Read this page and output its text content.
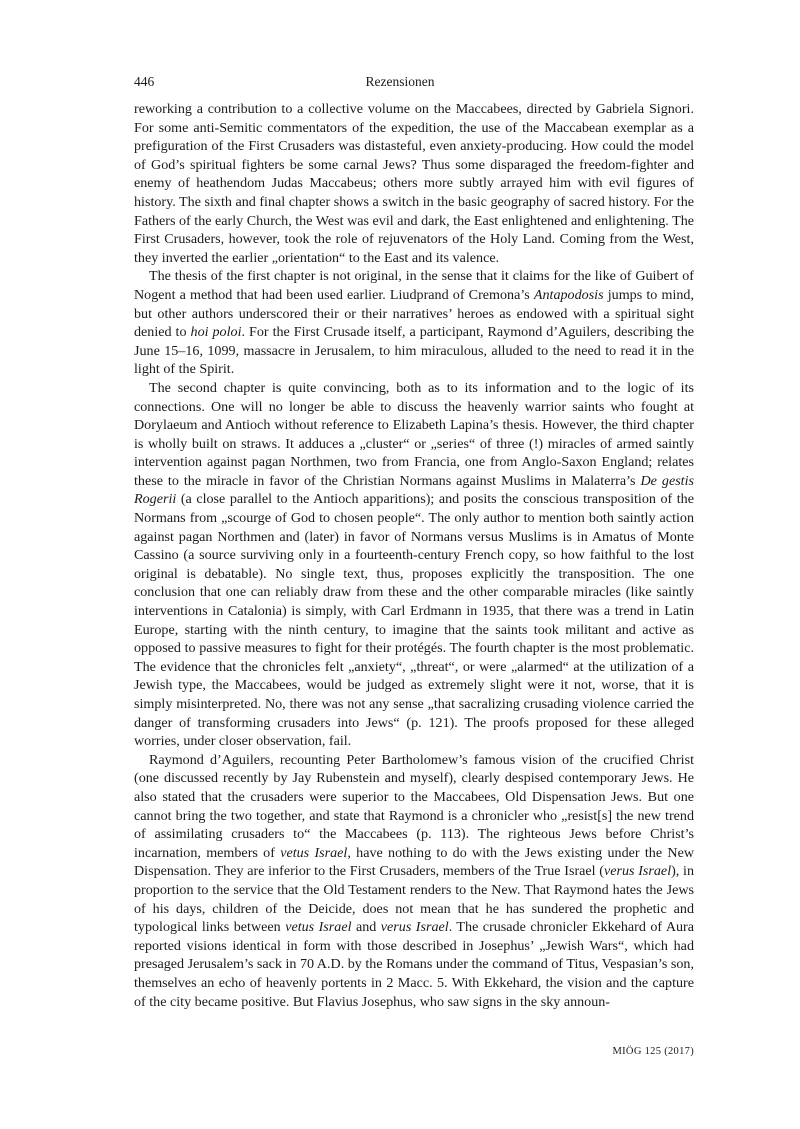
446	Rezensionen

reworking a contribution to a collective volume on the Maccabees, directed by Gabriela Signori. For some anti-Semitic commentators of the expedition, the use of the Maccabean exemplar as a prefiguration of the First Crusaders was distasteful, even anxiety-producing. How could the model of God’s spiritual fighters be some carnal Jews? Thus some disparaged the freedom-fighter and enemy of heathendom Judas Maccabeus; others more subtly arrayed him with evil figures of history. The sixth and final chapter shows a switch in the basic geography of sacred history. For the Fathers of the early Church, the West was evil and dark, the East enlightened and enlightening. The First Crusaders, however, took the role of rejuvenators of the Holy Land. Coming from the West, they inverted the earlier „orientation“ to the East and its valence.

The thesis of the first chapter is not original, in the sense that it claims for the like of Guibert of Nogent a method that had been used earlier. Liudprand of Cremona’s Antapodosis jumps to mind, but other authors underscored their or their narratives’ heroes as endowed with a spiritual sight denied to hoi poloi. For the First Crusade itself, a participant, Raymond d’Aguilers, describing the June 15–16, 1099, massacre in Jerusalem, to him miraculous, alluded to the need to read it in the light of the Spirit.

The second chapter is quite convincing, both as to its information and to the logic of its connections. One will no longer be able to discuss the heavenly warrior saints who fought at Dorylaeum and Antioch without reference to Elizabeth Lapina’s thesis. However, the third chapter is wholly built on straws. It adduces a „cluster“ or „series“ of three (!) miracles of armed saintly intervention against pagan Northmen, two from Francia, one from Anglo-Saxon England; relates these to the miracle in favor of the Christian Normans against Muslims in Malaterra’s De gestis Rogerii (a close parallel to the Antioch apparitions); and posits the conscious transposition of the Normans from „scourge of God to chosen people“. The only author to mention both saintly action against pagan Northmen and (later) in favor of Normans versus Muslims is in Amatus of Monte Cassino (a source surviving only in a fourteenth-century French copy, so how faithful to the lost original is debatable). No single text, thus, proposes explicitly the transposition. The one conclusion that one can reliably draw from these and the other comparable miracles (like saintly interventions in Catalonia) is simply, with Carl Erdmann in 1935, that there was a trend in Latin Europe, starting with the ninth century, to imagine that the saints took militant and active as opposed to passive measures to fight for their protégés. The fourth chapter is the most problematic. The evidence that the chronicles felt „anxiety“, „threat“, or were „alarmed“ at the utilization of a Jewish type, the Maccabees, would be judged as extremely slight were it not, worse, that it is simply misinterpreted. No, there was not any sense „that sacralizing crusading violence carried the danger of transforming crusaders into Jews“ (p. 121). The proofs proposed for these alleged worries, under closer observation, fail.

Raymond d’Aguilers, recounting Peter Bartholomew’s famous vision of the crucified Christ (one discussed recently by Jay Rubenstein and myself), clearly despised contemporary Jews. He also stated that the crusaders were superior to the Maccabees, Old Dispensation Jews. But one cannot bring the two together, and state that Raymond is a chronicler who „resist[s] the new trend of assimilating crusaders to“ the Maccabees (p. 113). The righteous Jews before Christ’s incarnation, members of vetus Israel, have nothing to do with the Jews existing under the New Dispensation. They are inferior to the First Crusaders, members of the True Israel (verus Israel), in proportion to the service that the Old Testament renders to the New. That Raymond hates the Jews of his days, children of the Deicide, does not mean that he has sundered the prophetic and typological links between vetus Israel and verus Israel. The crusade chronicler Ekkehard of Aura reported visions identical in form with those described in Josephus’ „Jewish Wars“, which had presaged Jerusalem’s sack in 70 A.D. by the Romans under the command of Titus, Vespasian’s son, themselves an echo of heavenly portents in 2 Macc. 5. With Ekkehard, the vision and the capture of the city became positive. But Flavius Josephus, who saw signs in the sky announ-

MIÖG 125 (2017)
